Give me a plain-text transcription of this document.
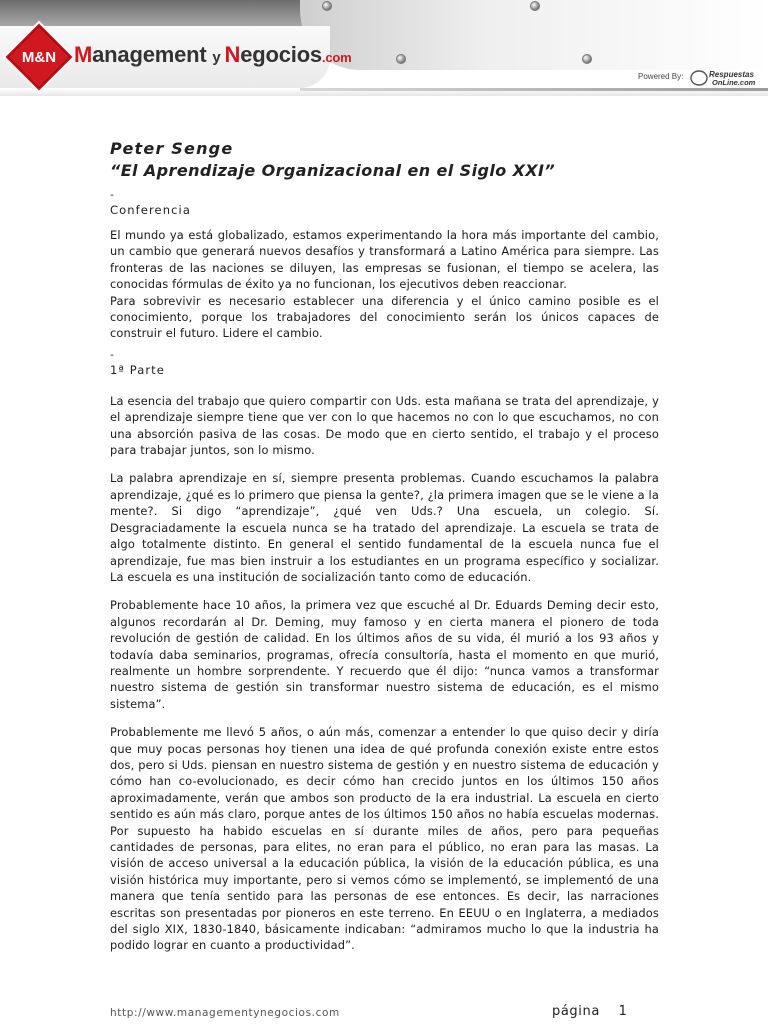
M&N Management y Negocios.com
Powered By:	Respuestas
OnLine.com
Peter Senge
“El Aprendizaje Organizacional en el Siglo XXI”
-
Conferencia

El mundo ya está globalizado, estamos experimentando la hora más importante del cambio, un cambio que generará nuevos desafíos y transformará a Latino América para siempre. Las fronteras de las naciones se diluyen, las empresas se fusionan, el tiempo se acelera, las conocidas fórmulas de éxito ya no funcionan, los ejecutivos deben reaccionar.

Para sobrevivir es necesario establecer una diferencia y el único camino posible es el conocimiento, porque los trabajadores del conocimiento serán los únicos capaces de construir el futuro. Lidere el cambio.

-
1ª Parte

La esencia del trabajo que quiero compartir con Uds. esta mañana se trata del aprendizaje, y el aprendizaje siempre tiene que ver con lo que hacemos no con lo que escuchamos, no con una absorción pasiva de las cosas. De modo que en cierto sentido, el trabajo y el proceso para trabajar juntos, son lo mismo.

La palabra aprendizaje en sí, siempre presenta problemas. Cuando escuchamos la palabra aprendizaje, ¿qué es lo primero que piensa la gente?, ¿la primera imagen que se le viene a la mente?. Si digo “aprendizaje”, ¿qué ven Uds.? Una escuela, un colegio. Sí. Desgraciadamente la escuela nunca se ha tratado del aprendizaje. La escuela se trata de algo totalmente distinto. En general el sentido fundamental de la escuela nunca fue el aprendizaje, fue mas bien instruir a los estudiantes en un programa específico y socializar. La escuela es una institución de socialización tanto como de educación.

Probablemente hace 10 años, la primera vez que escuché al Dr. Eduards Deming decir esto, algunos recordarán al Dr. Deming, muy famoso y en cierta manera el pionero de toda revolución de gestión de calidad. En los últimos años de su vida, él murió a los 93 años y todavía daba seminarios, programas, ofrecía consultoría, hasta el momento en que murió, realmente un hombre sorprendente. Y recuerdo que él dijo: “nunca vamos a transformar nuestro sistema de gestión sin transformar nuestro sistema de educación, es el mismo sistema”.

Probablemente me llevó 5 años, o aún más, comenzar a entender lo que quiso decir y diría que muy pocas personas hoy tienen una idea de qué profunda conexión existe entre estos dos, pero si Uds. piensan en nuestro sistema de gestión y en nuestro sistema de educación y cómo han co-evolucionado, es decir cómo han crecido juntos en los últimos 150 años aproximadamente, verán que ambos son producto de la era industrial. La escuela en cierto sentido es aún más claro, porque antes de los últimos 150 años no había escuelas modernas. Por supuesto ha habido escuelas en sí durante miles de años, pero para pequeñas cantidades de personas, para elites, no eran para el público, no eran para las masas. La visión de acceso universal a la educación pública, la visión de la educación pública, es una visión histórica muy importante, pero si vemos cómo se implementó, se implementó de una manera que tenía sentido para las personas de ese entonces. Es decir, las narraciones escritas son presentadas por pioneros en este terreno. En EEUU o en Inglaterra, a mediados del siglo XIX, 1830-1840, básicamente indicaban: “admiramos mucho lo que la industria ha podido lograr en cuanto a productividad”.

http://www.managementynegocios.com	página 1
